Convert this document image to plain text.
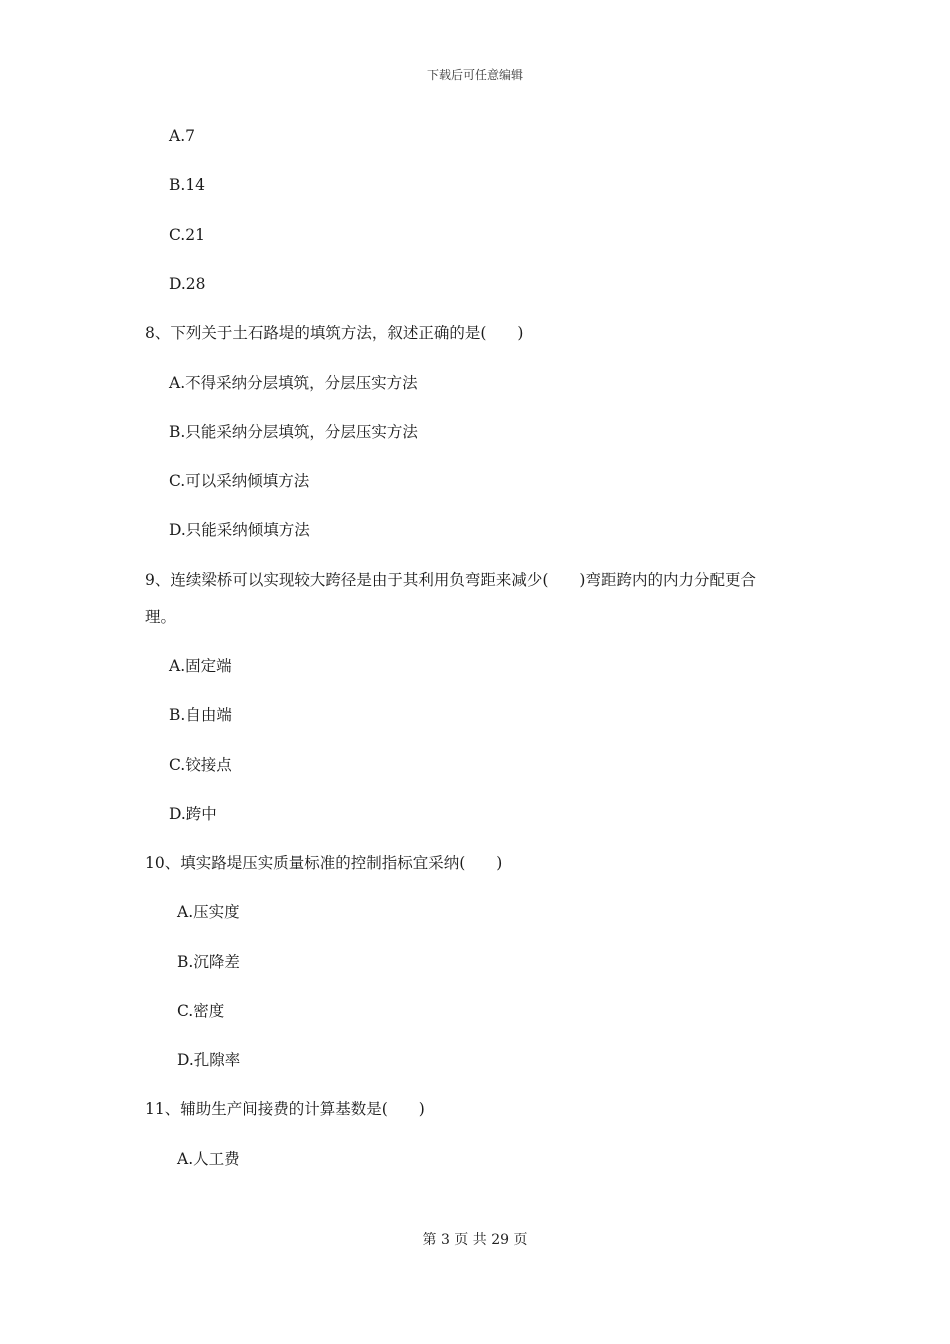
下载后可任意编辑
A.7
B.14
C.21
D.28
8、下列关于土石路堤的填筑方法，叙述正确的是(　　)
A.不得采纳分层填筑，分层压实方法
B.只能采纳分层填筑，分层压实方法
C.可以采纳倾填方法
D.只能采纳倾填方法
9、连续梁桥可以实现较大跨径是由于其利用负弯距来减少(　　)弯距跨内的内力分配更合
理。
A.固定端
B.自由端
C.铰接点
D.跨中
10、填实路堤压实质量标准的控制指标宜采纳(　　)
A.压实度
B.沉降差
C.密度
D.孔隙率
11、辅助生产间接费的计算基数是(　　)
A.人工费
第 3 页 共 29 页
